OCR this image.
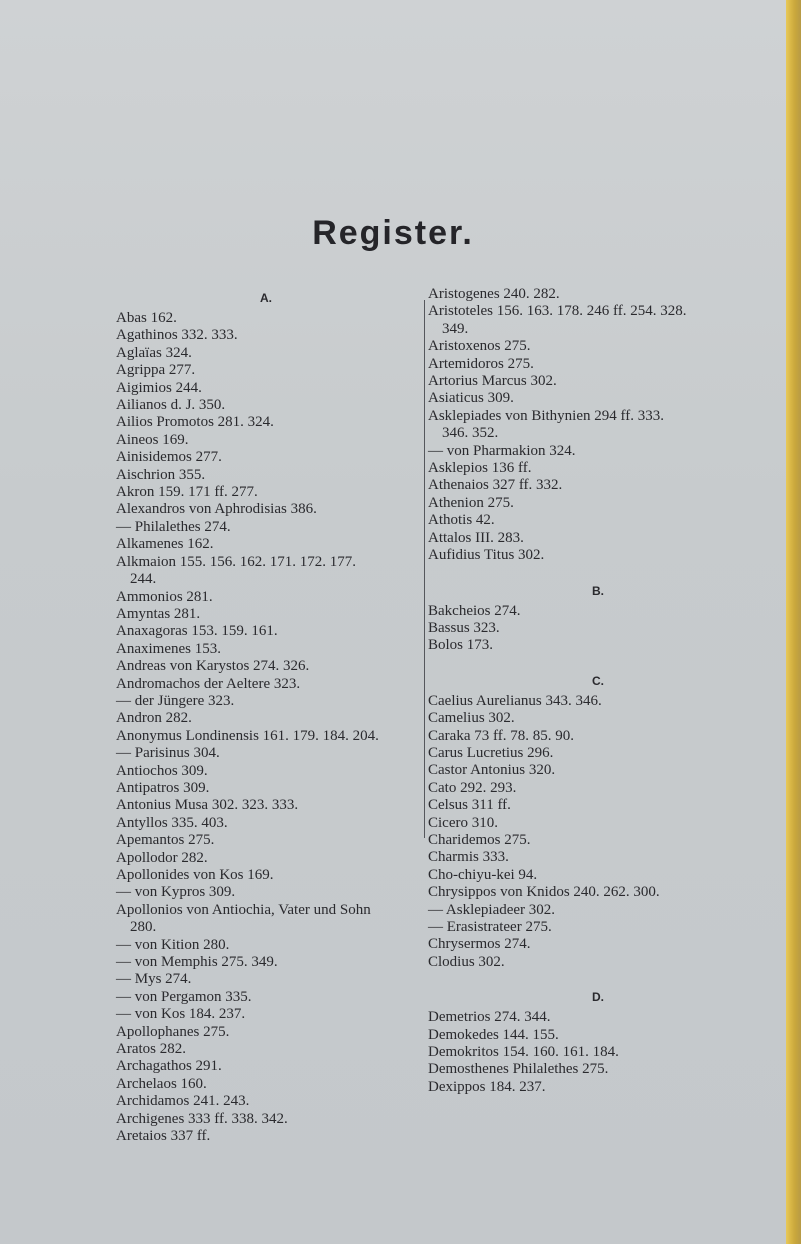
Register.
A.
Abas 162.
Agathinos 332. 333.
Aglaïas 324.
Agrippa 277.
Aigimios 244.
Ailianos d. J. 350.
Ailios Promotos 281. 324.
Aineos 169.
Ainisidemos 277.
Aischrion 355.
Akron 159. 171 ff. 277.
Alexandros von Aphrodisias 386.
— Philalethes 274.
Alkamenes 162.
Alkmaion 155. 156. 162. 171. 172. 177.
244.
Ammonios 281.
Amyntas 281.
Anaxagoras 153. 159. 161.
Anaximenes 153.
Andreas von Karystos 274. 326.
Andromachos der Aeltere 323.
— der Jüngere 323.
Andron 282.
Anonymus Londinensis 161. 179. 184. 204.
— Parisinus 304.
Antiochos 309.
Antipatros 309.
Antonius Musa 302. 323. 333.
Antyllos 335. 403.
Apemantos 275.
Apollodor 282.
Apollonides von Kos 169.
— von Kypros 309.
Apollonios von Antiochia, Vater und Sohn
280.
— von Kition 280.
— von Memphis 275. 349.
— Mys 274.
— von Pergamon 335.
— von Kos 184. 237.
Apollophanes 275.
Aratos 282.
Archagathos 291.
Archelaos 160.
Archidamos 241. 243.
Archigenes 333 ff. 338. 342.
Aretaios 337 ff.
Aristogenes 240. 282.
Aristoteles 156. 163. 178. 246 ff. 254. 328.
349.
Aristoxenos 275.
Artemidoros 275.
Artorius Marcus 302.
Asiaticus 309.
Asklepiades von Bithynien 294 ff. 333.
346. 352.
— von Pharmakion 324.
Asklepios 136 ff.
Athenaios 327 ff. 332.
Athenion 275.
Athotis 42.
Attalos III. 283.
Aufidius Titus 302.
B.
Bakcheios 274.
Bassus 323.
Bolos 173.
C.
Caelius Aurelianus 343. 346.
Camelius 302.
Caraka 73 ff. 78. 85. 90.
Carus Lucretius 296.
Castor Antonius 320.
Cato 292. 293.
Celsus 311 ff.
Cicero 310.
Charidemos 275.
Charmis 333.
Cho-chiyu-kei 94.
Chrysippos von Knidos 240. 262. 300.
— Asklepiadeer 302.
— Erasistrateer 275.
Chrysermos 274.
Clodius 302.
D.
Demetrios 274. 344.
Demokedes 144. 155.
Demokritos 154. 160. 161. 184.
Demosthenes Philalethes 275.
Dexippos 184. 237.
